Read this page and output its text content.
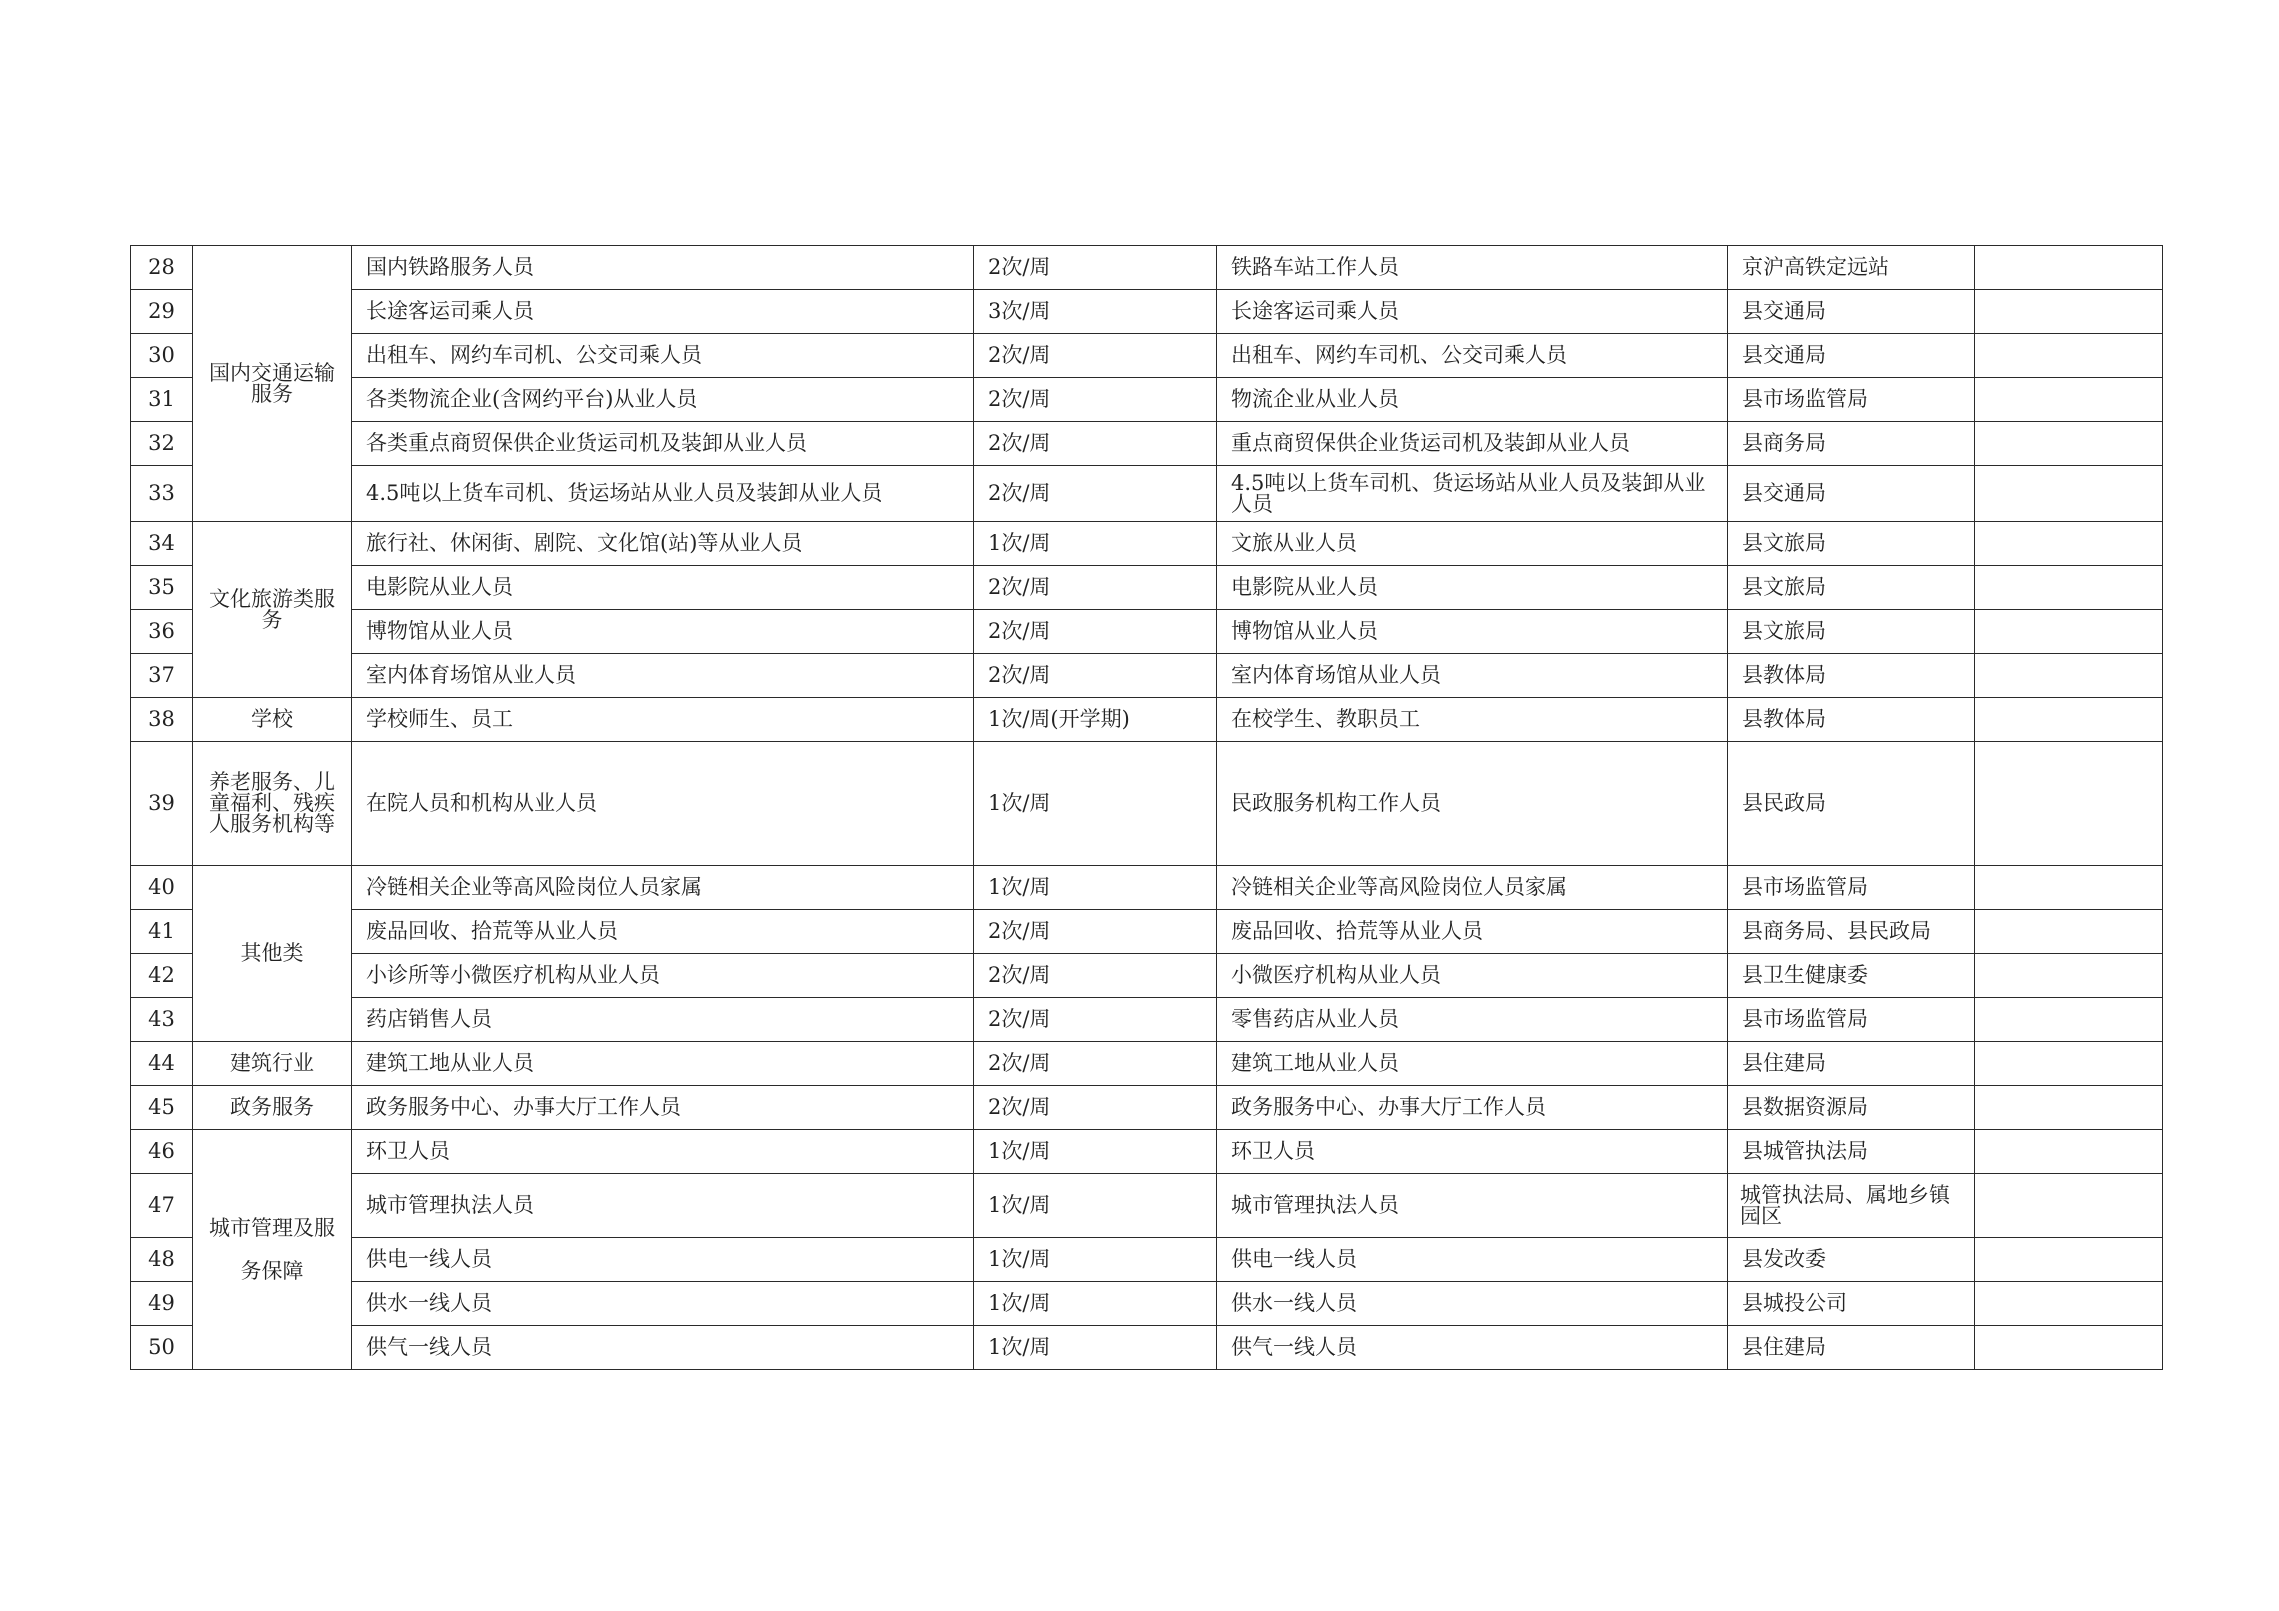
28	国内交通运输服务	国内铁路服务人员	2次/周	铁路车站工作人员	京沪高铁定远站	
29		长途客运司乘人员	3次/周	长途客运司乘人员	县交通局	
30		出租车、网约车司机、公交司乘人员	2次/周	出租车、网约车司机、公交司乘人员	县交通局	
31		各类物流企业(含网约平台)从业人员	2次/周	物流企业从业人员	县市场监管局	
32		各类重点商贸保供企业货运司机及装卸从业人员	2次/周	重点商贸保供企业货运司机及装卸从业人员	县商务局	
33		4.5吨以上货车司机、货运场站从业人员及装卸从业人员	2次/周	4.5吨以上货车司机、货运场站从业人员及装卸从业人员	县交通局	
34	文化旅游类服务	旅行社、休闲街、剧院、文化馆(站)等从业人员	1次/周	文旅从业人员	县文旅局	
35		电影院从业人员	2次/周	电影院从业人员	县文旅局	
36		博物馆从业人员	2次/周	博物馆从业人员	县文旅局	
37		室内体育场馆从业人员	2次/周	室内体育场馆从业人员	县教体局	
38	学校	学校师生、员工	1次/周(开学期)	在校学生、教职员工	县教体局	
39	养老服务、儿童福利、残疾人服务机构等	在院人员和机构从业人员	1次/周	民政服务机构工作人员	县民政局	
40	其他类	冷链相关企业等高风险岗位人员家属	1次/周	冷链相关企业等高风险岗位人员家属	县市场监管局	
41		废品回收、拾荒等从业人员	2次/周	废品回收、拾荒等从业人员	县商务局、县民政局	
42		小诊所等小微医疗机构从业人员	2次/周	小微医疗机构从业人员	县卫生健康委	
43		药店销售人员	2次/周	零售药店从业人员	县市场监管局	
44	建筑行业	建筑工地从业人员	2次/周	建筑工地从业人员	县住建局	
45	政务服务	政务服务中心、办事大厅工作人员	2次/周	政务服务中心、办事大厅工作人员	县数据资源局	
46	城市管理及服务保障	环卫人员	1次/周	环卫人员	县城管执法局	
47		城市管理执法人员	1次/周	城市管理执法人员	城管执法局、属地乡镇园区	
48		供电一线人员	1次/周	供电一线人员	县发改委	
49		供水一线人员	1次/周	供水一线人员	县城投公司	
50		供气一线人员	1次/周	供气一线人员	县住建局	
